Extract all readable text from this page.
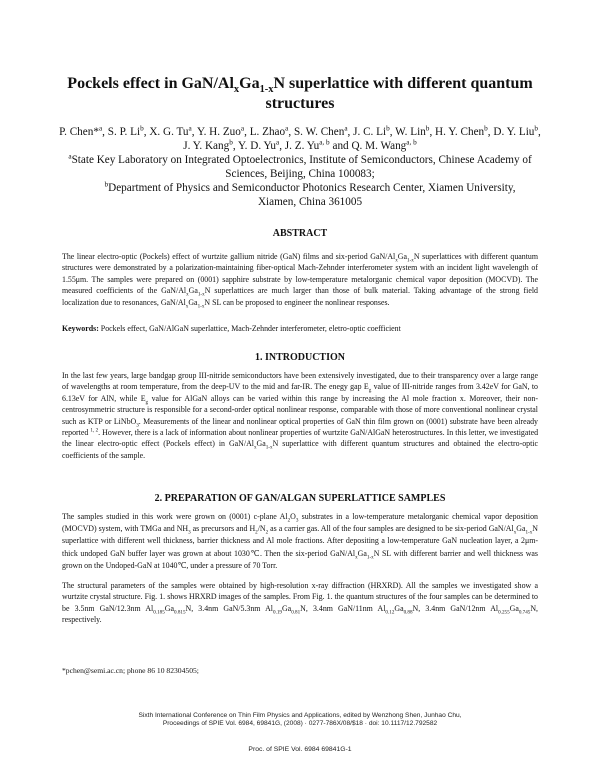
Pockels effect in GaN/$Al_xGa_{1-x}N$ superlattice with different quantum structures
P. Chen*$^a$, S. P. Li$^b$, X. G. Tu$^a$, Y. H. Zuo$^a$, L. Zhao$^a$, S. W. Chen$^a$, J. C. Li$^b$, W. Lin$^b$, H. Y. Chen$^b$, D. Y. Liu$^b$, J. Y. Kang$^b$, Y. D. Yu$^a$, J. Z. Yu$^{a, b}$ and Q. M. Wang$^{a, b}$
$^a$State Key Laboratory on Integrated Optoelectronics, Institute of Semiconductors, Chinese Academy of Sciences, Beijing, China 100083;
$^b$Department of Physics and Semiconductor Photonics Research Center, Xiamen University, Xiamen, China 361005
ABSTRACT
The linear electro-optic (Pockels) effect of wurtzite gallium nitride (GaN) films and six-period GaN/$Al_xGa_{1-x}N$ superlattices with different quantum structures were demonstrated by a polarization-maintaining fiber-optical Mach-Zehnder interferometer system with an incident light wavelength of 1.55μm. The samples were prepared on (0001) sapphire substrate by low-temperature metalorganic chemical vapor deposition (MOCVD). The measured coefficients of the GaN/$Al_xGa_{1-x}N$ superlattices are much larger than those of bulk material. Taking advantage of the strong field localization due to resonances, GaN/$Al_xGa_{1-x}N$ SL can be proposed to engineer the nonlinear responses.
Keywords: Pockels effect, GaN/AlGaN superlattice, Mach-Zehnder interferometer, eletro-optic coefficient
1. INTRODUCTION

In the last few years, large bandgap group III-nitride semiconductors have been extensively investigated, due to their transparency over a large range of wavelengths at room temperature, from the deep-UV to the mid and far-IR. The enegy gap $E_g$ value of III-nitride ranges from 3.42eV for GaN, to 6.13eV for AlN, while $E_g$ value for AlGaN alloys can be varied within this range by increasing the Al mole fraction x. Moreover, their non-centrosymmetric structure is responsible for a second-order optical nonlinear response, comparable with those of more conventional nonlinear crystal such as KTP or LiNbO$_3$. Measurements of the linear and nonlinear optical properties of GaN thin film grown on (0001) substrate have been already reported $^{1, 2}$. However, there is a lack of information about nonlinear properties of wurtzite GaN/AlGaN heterostructures. In this letter, we investigated the linear electro-optic effect (Pockels effect) in GaN/$Al_xGa_{1-x}N$ superlattice with different quantum structures and obtained the electro-optic coefficients of the sample.

2. PREPARATION OF GAN/ALGAN SUPERLATTICE SAMPLES

The samples studied in this work were grown on (0001) c-plane $Al_2O_3$ substrates in a low-temperature metalorganic chemical vapor deposition (MOCVD) system, with TMGa and $NH_3$ as precursors and $H_2/N_2$ as a carrier gas. All of the four samples are designed to be six-period GaN/$Al_xGa_{1-x}N$ superlattice with different well thickness, barrier thickness and Al mole fractions. After depositing a low-temperature GaN nucleation layer, a 2μm-thick undoped GaN buffer layer was grown at about 1030℃. Then the six-period GaN/$Al_xGa_{1-x}N$ SL with different barrier and well thickness was grown on the Undoped-GaN at 1040℃, under a pressure of 70 Torr.

The structural parameters of the samples were obtained by high-resolution x-ray diffraction (HRXRD). All the samples we investigated show a wurtzite crystal structure. Fig. 1. shows HRXRD images of the samples. From Fig. 1. the quantum structures of the four samples can be determined to be 3.5nm GaN/12.3nm $Al_{0.185}Ga_{0.815}N$, 3.4nm GaN/5.3nm $Al_{0.19}Ga_{0.81}N$, 3.4nm GaN/11nm $Al_{0.12}Ga_{0.88}N$, 3.4nm GaN/12nm $Al_{0.255}Ga_{0.745}N$, respectively.

*pchen@semi.ac.cn; phone 86 10 82304505;
Sixth International Conference on Thin Film Physics and Applications, edited by Wenzhong Shen, Junhao Chu,
Proceedings of SPIE Vol. 6984, 69841G, (2008) · 0277-786X/08/$18 · doi: 10.1117/12.792582
Proc. of SPIE Vol. 6984 69841G-1
